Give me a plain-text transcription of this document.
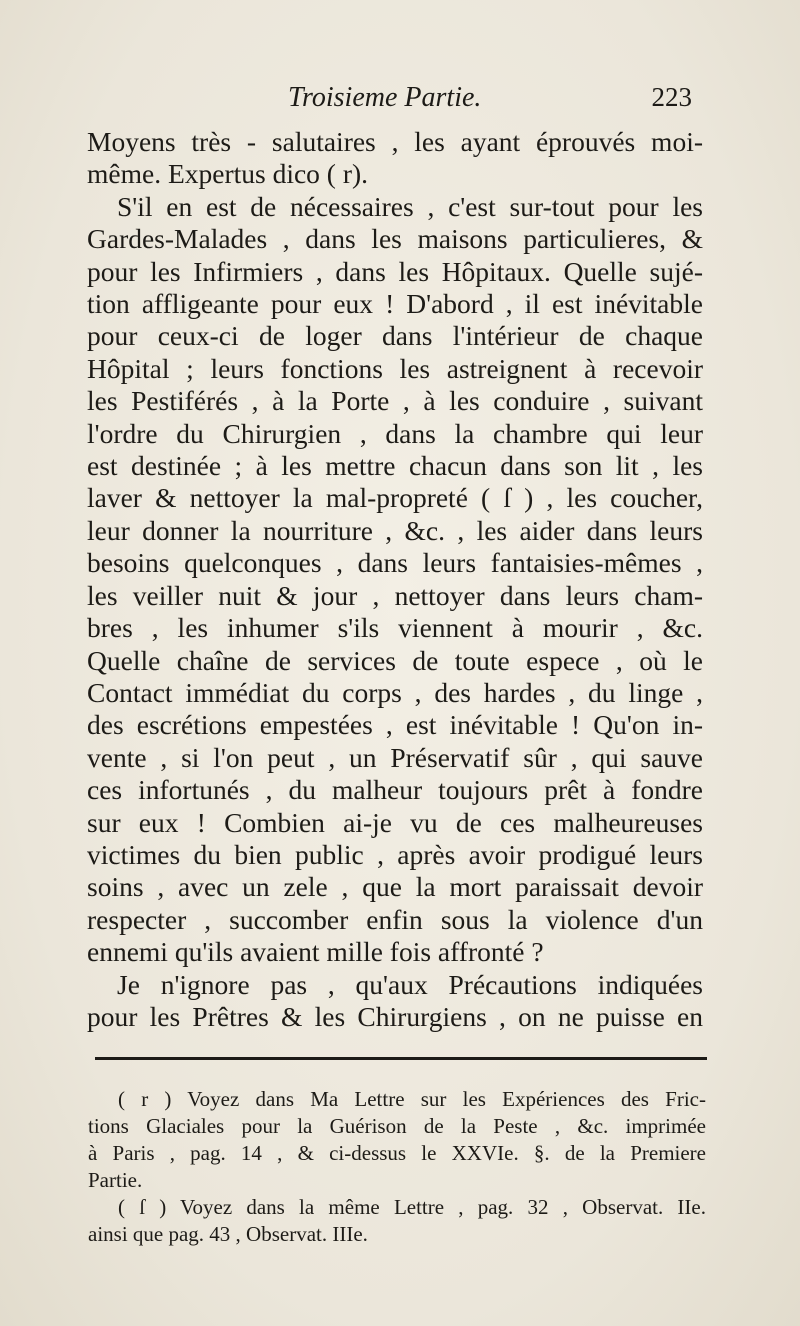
Troisieme Partie.	223
Moyens très - salutaires , les ayant éprouvés moi-
même. Expertus dico ( r).
S'il en est de nécessaires , c'est sur-tout pour les
Gardes-Malades , dans les maisons particulieres, &
pour les Infirmiers , dans les Hôpitaux. Quelle sujé-
tion affligeante pour eux ! D'abord , il est inévitable
pour ceux-ci de loger dans l'intérieur de chaque
Hôpital ; leurs fonctions les astreignent à recevoir
les Pestiférés , à la Porte , à les conduire , suivant
l'ordre du Chirurgien , dans la chambre qui leur
est destinée ; à les mettre chacun dans son lit , les
laver & nettoyer la mal-propreté ( ſ ) , les coucher,
leur donner la nourriture , &c. , les aider dans leurs
besoins quelconques , dans leurs fantaisies-mêmes ,
les veiller nuit & jour , nettoyer dans leurs cham-
bres , les inhumer s'ils viennent à mourir , &c.
Quelle chaîne de services de toute espece , où le
Contact immédiat du corps , des hardes , du linge ,
des escrétions empestées , est inévitable ! Qu'on in-
vente , si l'on peut , un Préservatif sûr , qui sauve
ces infortunés , du malheur toujours prêt à fondre
sur eux ! Combien ai-je vu de ces malheureuses
victimes du bien public , après avoir prodigué leurs
soins , avec un zele , que la mort paraissait devoir
respecter , succomber enfin sous la violence d'un
ennemi qu'ils avaient mille fois affronté ?
Je n'ignore pas , qu'aux Précautions indiquées
pour les Prêtres & les Chirurgiens , on ne puisse en
( r ) Voyez dans Ma Lettre sur les Expériences des Fric-
tions Glaciales pour la Guérison de la Peste , &c. imprimée
à Paris , pag. 14 , & ci-dessus le XXVIe. §. de la Premiere
Partie.
( ſ ) Voyez dans la même Lettre , pag. 32 , Observat. IIe.
ainsi que pag. 43 , Observat. IIIe.
